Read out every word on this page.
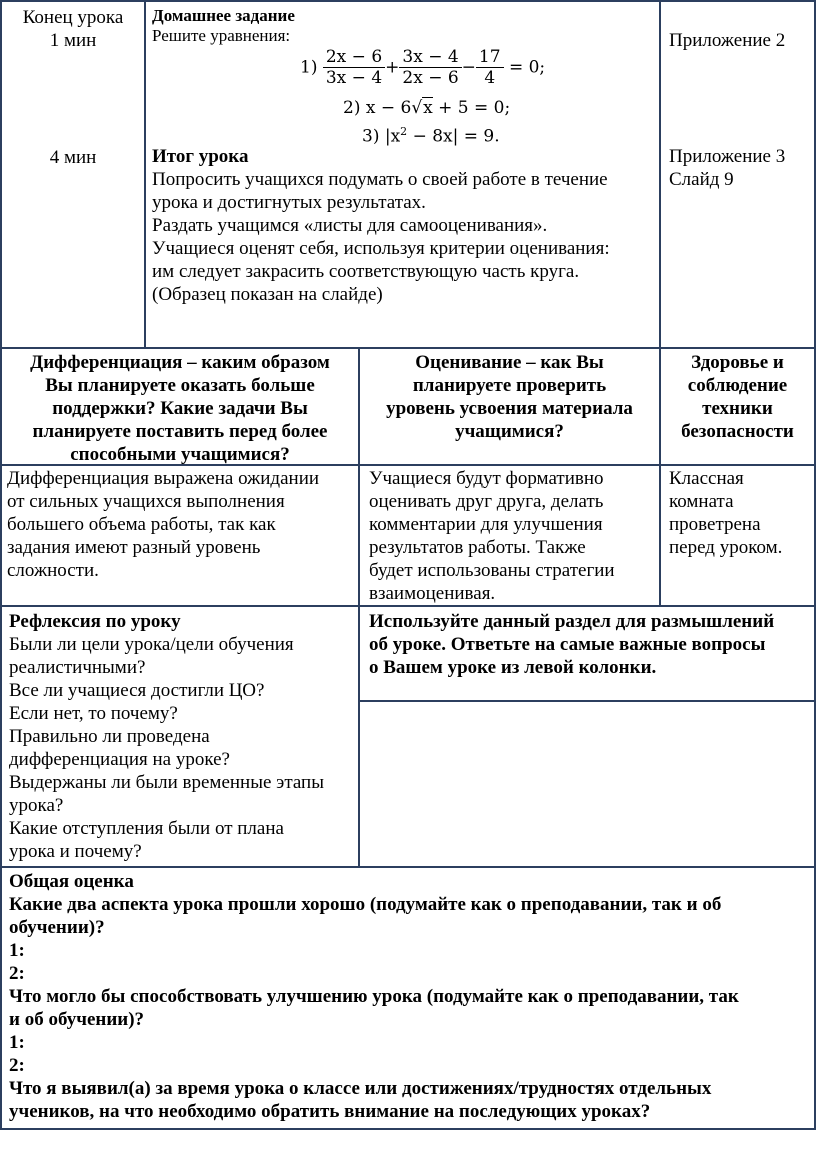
Конец урока

1 мин

4 мин

Домашнее задание
Решите уравнения:
$1) \frac{2x - 6}{3x - 4} + \frac{3x - 4}{2x - 6} - \frac{17}{4} = 0$;
2) x − 6√x + 5 = 0;
3) $|x^2 - 8x| = 9$.
Итог урока

Попросить учащихся подумать о своей работе в течение

урока и достигнутых результатах.

Раздать учащимся «листы для самооценивания».

Учащиеся оценят себя, используя критерии оценивания:

им следует закрасить соответствующую часть круга.

(Образец показан на слайде)

Приложение 2

Приложение 3

Слайд 9

Дифференциация – каким образом

Вы планируете оказать больше

поддержки? Какие задачи Вы

планируете поставить перед более

способными учащимися?

Оценивание – как Вы

планируете проверить

уровень усвоения материала

учащимися?

Здоровье и

соблюдение

техники

безопасности

Дифференциация выражена ожидании

от сильных учащихся выполнения

большего объема работы, так как

задания имеют разный уровень

сложности.

Учащиеся будут формативно

оценивать друг друга, делать

комментарии для улучшения

результатов работы. Также

будет использованы стратегии

взаимоценивая.

Классная

комната

проветрена

перед уроком.

Рефлексия по уроку

Были ли цели урока/цели обучения

реалистичными?

Все ли учащиеся достигли ЦО?

Если нет, то почему?

Правильно ли проведена

дифференциация на уроке?

Выдержаны ли были временные этапы

урока?

Какие отступления были от плана

урока и почему?

Используйте данный раздел для размышлений

об уроке. Ответьте на самые важные вопросы

о Вашем уроке из левой колонки.

Общая оценка

Какие два аспекта урока прошли хорошо (подумайте как о преподавании, так и об

обучении)?

1:

2:

Что могло бы способствовать улучшению урока (подумайте как о преподавании, так

и об обучении)?

1:

2:

Что я выявил(а) за время урока о классе или достижениях/трудностях отдельных

учеников, на что необходимо обратить внимание на последующих уроках?
